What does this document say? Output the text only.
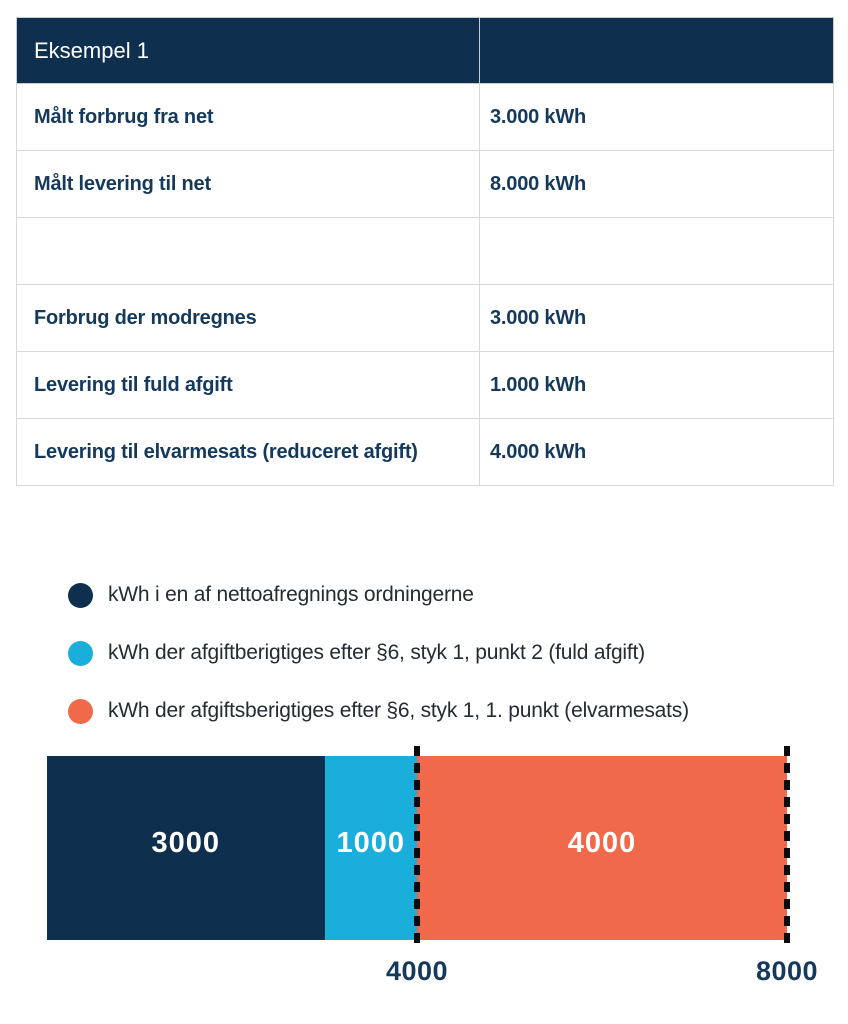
Eksempel 1	
Målt forbrug fra net	3.000 kWh
Målt levering til net	8.000 kWh

Forbrug der modregnes	3.000 kWh
Levering til fuld afgift	1.000 kWh
Levering til elvarmesats (reduceret afgift)	4.000 kWh
kWh i en af nettoafregnings ordningerne
kWh der afgiftberigtiges efter §6, styk 1, punkt 2 (fuld afgift)
kWh der afgiftsberigtiges efter §6, styk 1, 1. punkt (elvarmesats)
3000	1000	4000
4000	8000
